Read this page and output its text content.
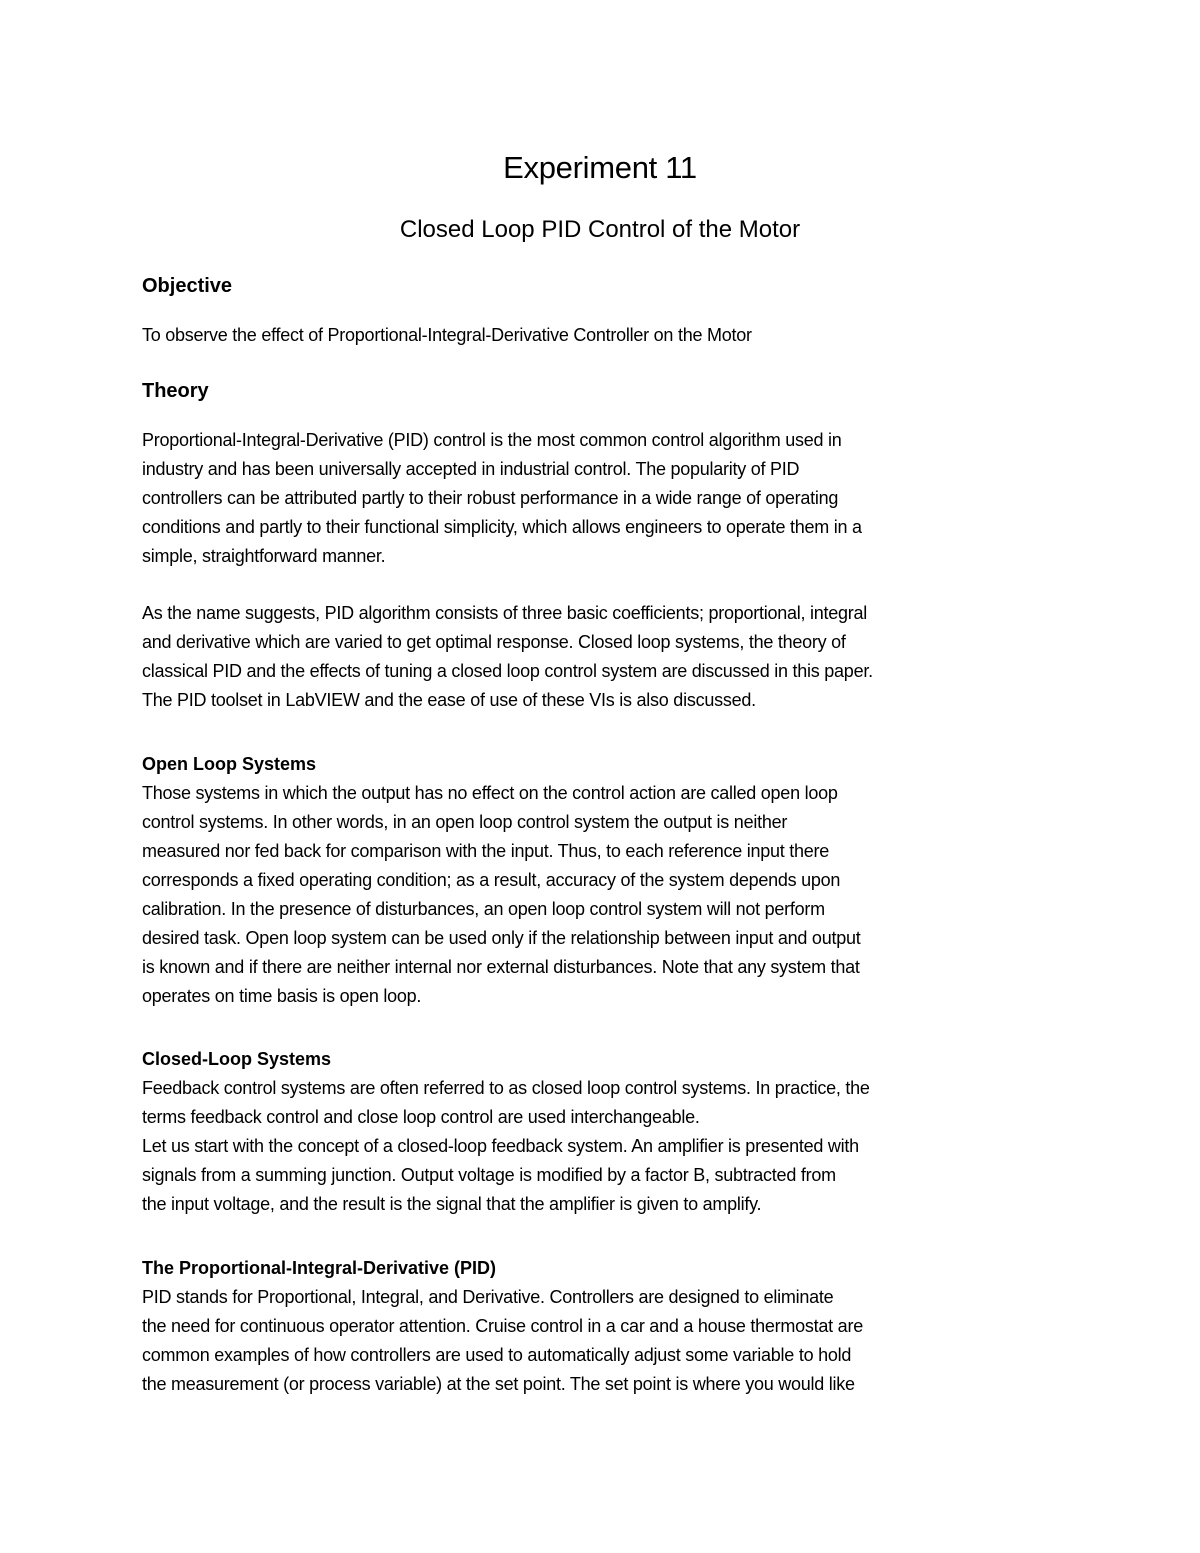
Experiment 11
Closed Loop PID Control of the Motor
Objective
To observe the effect of Proportional-Integral-Derivative Controller on the Motor
Theory
Proportional-Integral-Derivative (PID) control is the most common control algorithm used in
industry and has been universally accepted in industrial control. The popularity of PID
controllers can be attributed partly to their robust performance in a wide range of operating
conditions and partly to their functional simplicity, which allows engineers to operate them in a
simple, straightforward manner.
As the name suggests, PID algorithm consists of three basic coefficients; proportional, integral
and derivative which are varied to get optimal response. Closed loop systems, the theory of
classical PID and the effects of tuning a closed loop control system are discussed in this paper.
The PID toolset in LabVIEW and the ease of use of these VIs is also discussed.
Open Loop Systems
Those systems in which the output has no effect on the control action are called open loop
control systems. In other words, in an open loop control system the output is neither
measured nor fed back for comparison with the input. Thus, to each reference input there
corresponds a fixed operating condition; as a result, accuracy of the system depends upon
calibration. In the presence of disturbances, an open loop control system will not perform
desired task. Open loop system can be used only if the relationship between input and output
is known and if there are neither internal nor external disturbances. Note that any system that
operates on time basis is open loop.
Closed-Loop Systems
Feedback control systems are often referred to as closed loop control systems. In practice, the
terms feedback control and close loop control are used interchangeable.
Let us start with the concept of a closed-loop feedback system. An amplifier is presented with
signals from a summing junction. Output voltage is modified by a factor B, subtracted from
the input voltage, and the result is the signal that the amplifier is given to amplify.
The Proportional-Integral-Derivative (PID)
PID stands for Proportional, Integral, and Derivative. Controllers are designed to eliminate
the need for continuous operator attention. Cruise control in a car and a house thermostat are
common examples of how controllers are used to automatically adjust some variable to hold
the measurement (or process variable) at the set point. The set point is where you would like
